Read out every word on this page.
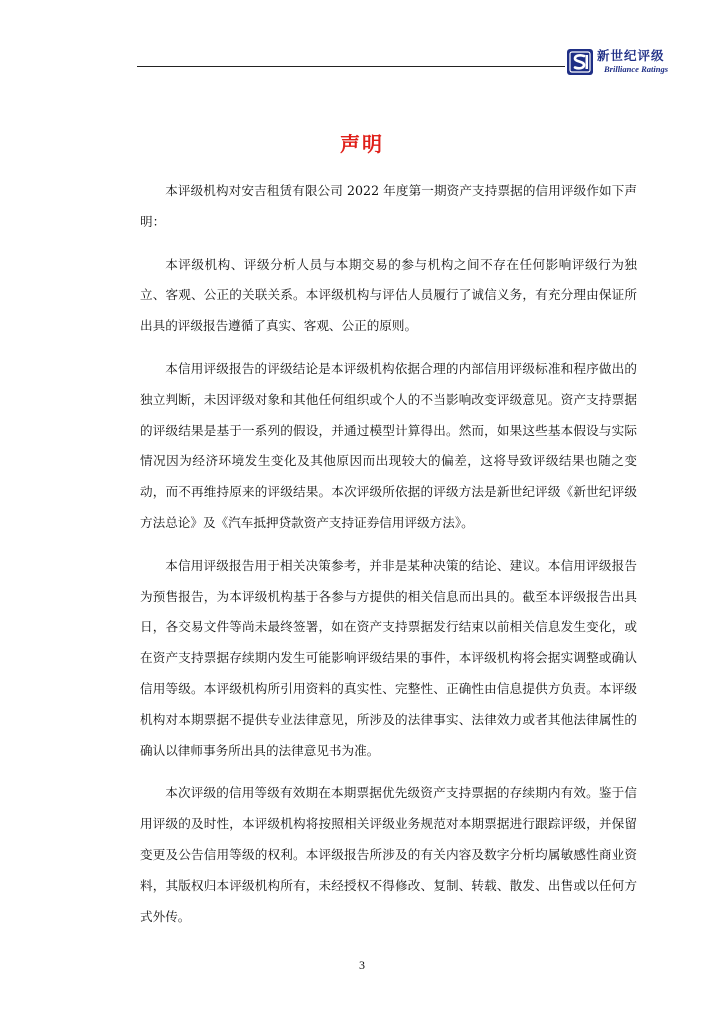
新世纪评级
Brilliance Ratings
声明

本评级机构对安吉租赁有限公司 2022 年度第一期资产支持票据的信用评级作如下声明：

本评级机构、评级分析人员与本期交易的参与机构之间不存在任何影响评级行为独立、客观、公正的关联关系。本评级机构与评估人员履行了诚信义务，有充分理由保证所出具的评级报告遵循了真实、客观、公正的原则。

本信用评级报告的评级结论是本评级机构依据合理的内部信用评级标准和程序做出的独立判断，未因评级对象和其他任何组织或个人的不当影响改变评级意见。资产支持票据的评级结果是基于一系列的假设，并通过模型计算得出。然而，如果这些基本假设与实际情况因为经济环境发生变化及其他原因而出现较大的偏差，这将导致评级结果也随之变动，而不再维持原来的评级结果。本次评级所依据的评级方法是新世纪评级《新世纪评级方法总论》及《汽车抵押贷款资产支持证券信用评级方法》。

本信用评级报告用于相关决策参考，并非是某种决策的结论、建议。本信用评级报告为预售报告，为本评级机构基于各参与方提供的相关信息而出具的。截至本评级报告出具日，各交易文件等尚未最终签署，如在资产支持票据发行结束以前相关信息发生变化，或在资产支持票据存续期内发生可能影响评级结果的事件，本评级机构将会据实调整或确认信用等级。本评级机构所引用资料的真实性、完整性、正确性由信息提供方负责。本评级机构对本期票据不提供专业法律意见，所涉及的法律事实、法律效力或者其他法律属性的确认以律师事务所出具的法律意见书为准。

本次评级的信用等级有效期在本期票据优先级资产支持票据的存续期内有效。鉴于信用评级的及时性，本评级机构将按照相关评级业务规范对本期票据进行跟踪评级，并保留变更及公告信用等级的权利。本评级报告所涉及的有关内容及数字分析均属敏感性商业资料，其版权归本评级机构所有，未经授权不得修改、复制、转载、散发、出售或以任何方式外传。

3
